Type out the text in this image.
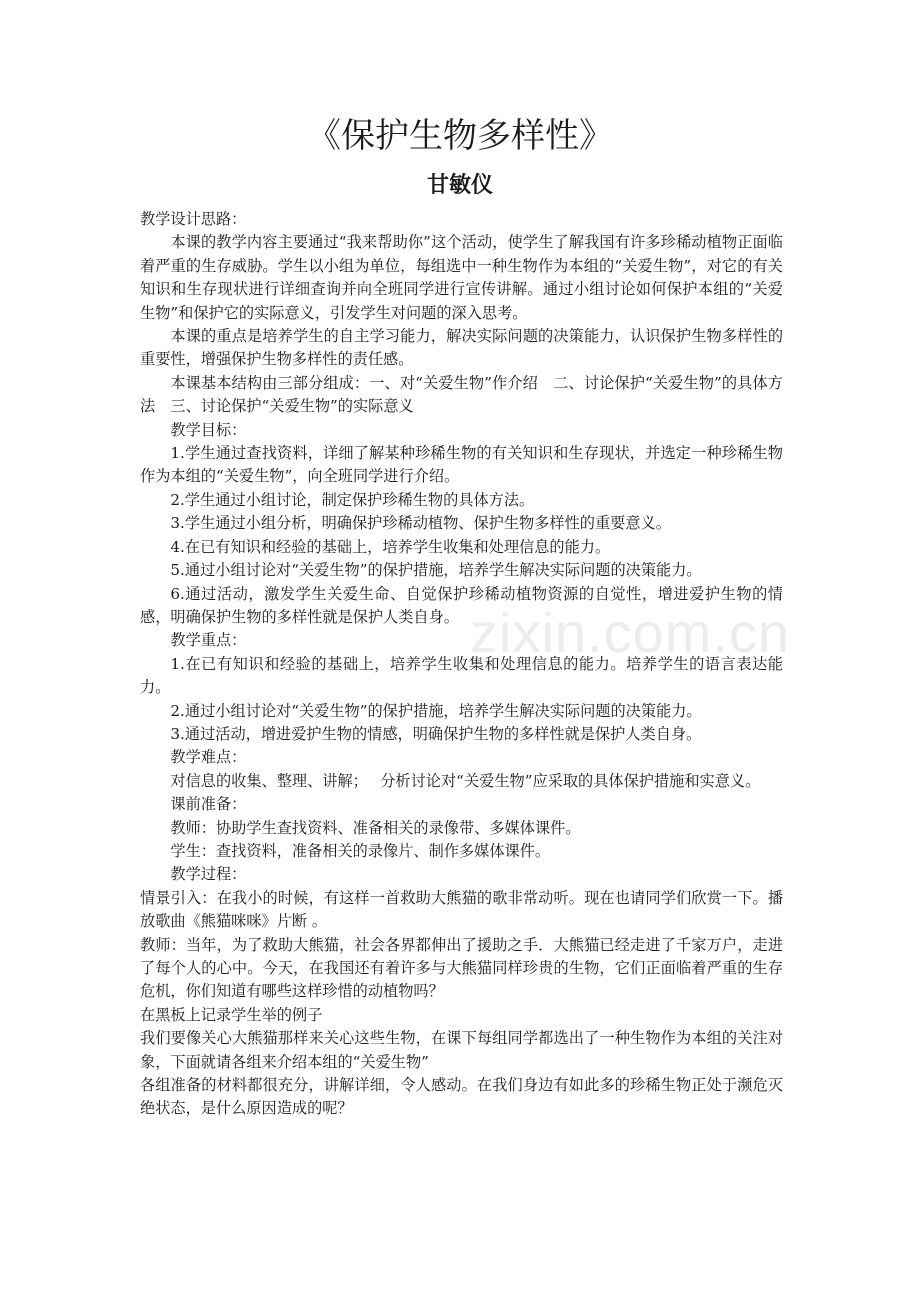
zixin.com.cn
《保护生物多样性》
甘敏仪

教学设计思路：

本课的教学内容主要通过“我来帮助你”这个活动，使学生了解我国有许多珍稀动植物正面临着严重的生存威胁。学生以小组为单位，每组选中一种生物作为本组的“关爱生物”，对它的有关知识和生存现状进行详细查询并向全班同学进行宣传讲解。通过小组讨论如何保护本组的“关爱生物”和保护它的实际意义，引发学生对问题的深入思考。

本课的重点是培养学生的自主学习能力，解决实际问题的决策能力，认识保护生物多样性的重要性，增强保护生物多样性的责任感。

本课基本结构由三部分组成：一、对“关爱生物”作介绍　二、讨论保护“关爱生物”的具体方法　三、讨论保护“关爱生物”的实际意义

教学目标：

1.学生通过查找资料，详细了解某种珍稀生物的有关知识和生存现状，并选定一种珍稀生物作为本组的“关爱生物”，向全班同学进行介绍。

2.学生通过小组讨论，制定保护珍稀生物的具体方法。

3.学生通过小组分析，明确保护珍稀动植物、保护生物多样性的重要意义。

4.在已有知识和经验的基础上，培养学生收集和处理信息的能力。

5.通过小组讨论对“关爱生物”的保护措施，培养学生解决实际问题的决策能力。

6.通过活动，激发学生关爱生命、自觉保护珍稀动植物资源的自觉性，增进爱护生物的情感，明确保护生物的多样性就是保护人类自身。

教学重点：

1.在已有知识和经验的基础上，培养学生收集和处理信息的能力。培养学生的语言表达能力。

2.通过小组讨论对“关爱生物”的保护措施，培养学生解决实际问题的决策能力。

3.通过活动，增进爱护生物的情感，明确保护生物的多样性就是保护人类自身。

教学难点：

对信息的收集、整理、讲解；　 分析讨论对“关爱生物”应采取的具体保护措施和实意义。

课前准备：

教师：协助学生查找资料、准备相关的录像带、多媒体课件。

学生：查找资料，准备相关的录像片、制作多媒体课件。

教学过程：

情景引入：在我小的时候，有这样一首救助大熊猫的歌非常动听。现在也请同学们欣赏一下。播放歌曲《熊猫咪咪》片断 。

教师：当年，为了救助大熊猫，社会各界都伸出了援助之手．大熊猫已经走进了千家万户，走进了每个人的心中。今天，在我国还有着许多与大熊猫同样珍贵的生物，它们正面临着严重的生存危机，你们知道有哪些这样珍惜的动植物吗？

在黑板上记录学生举的例子

我们要像关心大熊猫那样来关心这些生物，在课下每组同学都选出了一种生物作为本组的关注对象，下面就请各组来介绍本组的“关爱生物”

各组准备的材料都很充分，讲解详细，令人感动。在我们身边有如此多的珍稀生物正处于濒危灭绝状态，是什么原因造成的呢？
